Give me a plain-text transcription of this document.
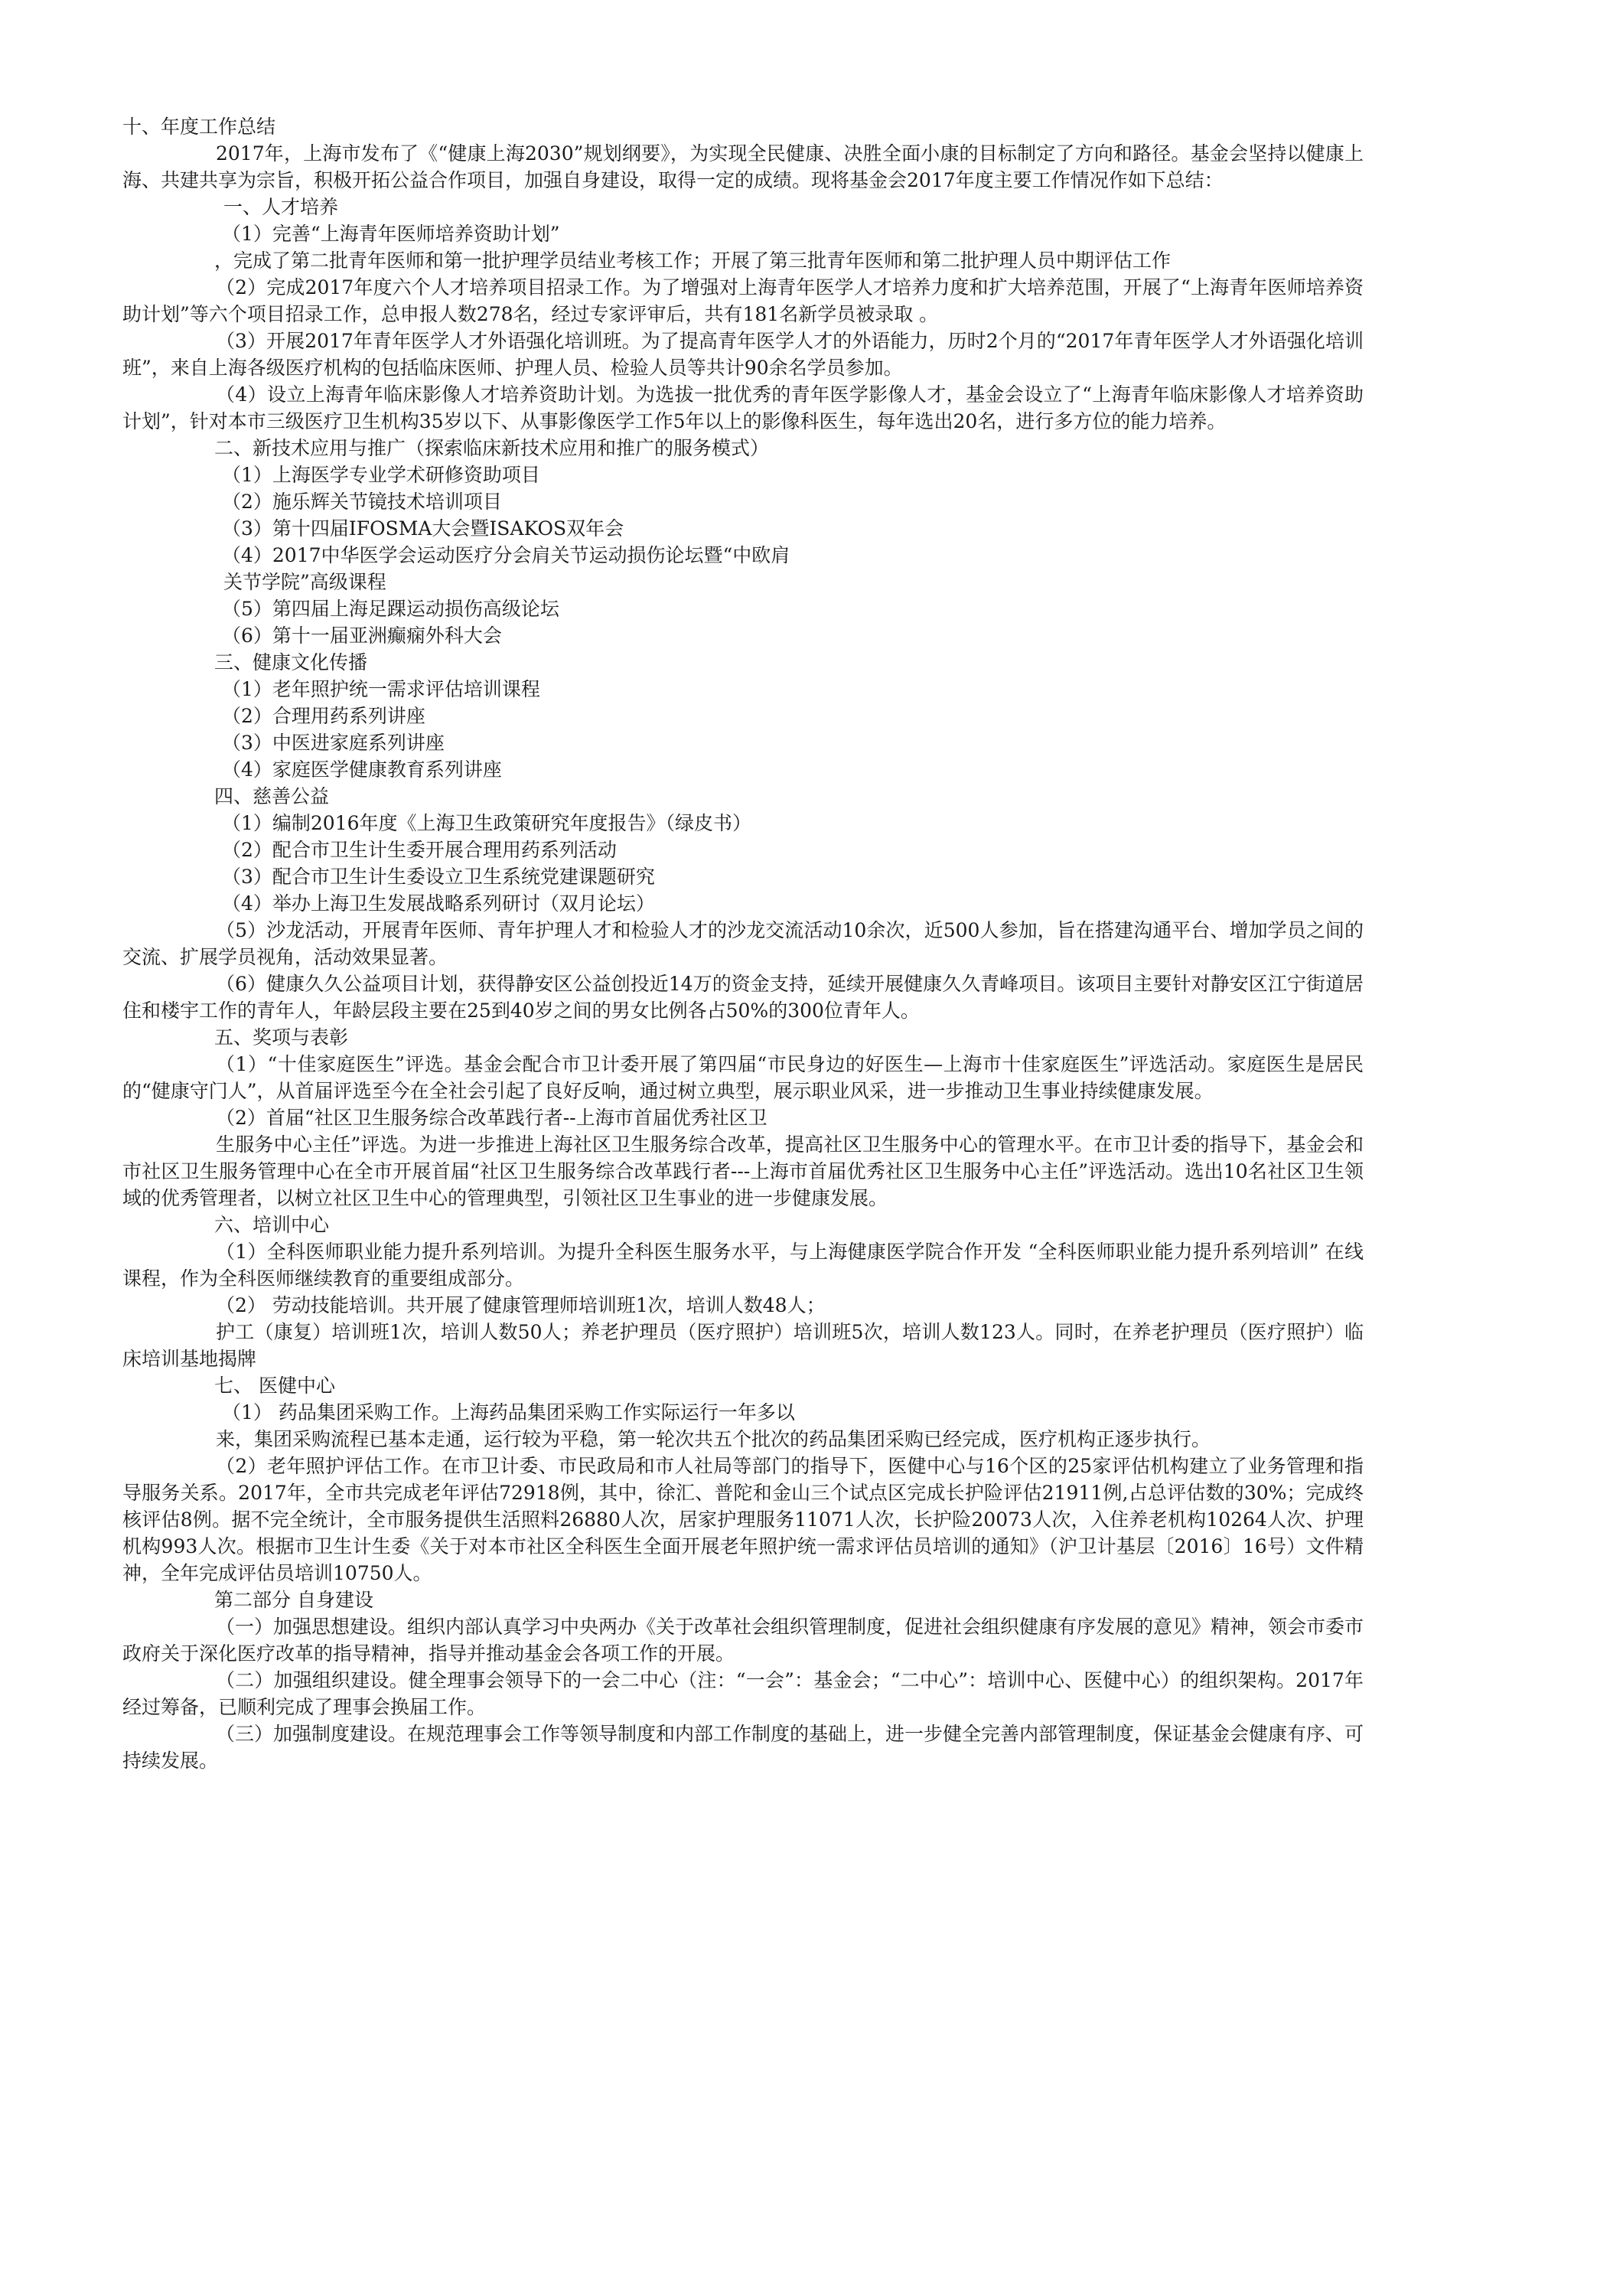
十、年度工作总结

2017年，上海市发布了《“健康上海2030”规划纲要》，为实现全民健康、决胜全面小康的目标制定了方向和路径。基金会坚持以健康上海、共建共享为宗旨，积极开拓公益合作项目，加强自身建设，取得一定的成绩。现将基金会2017年度主要工作情况作如下总结：

一、人才培养

（1）完善“上海青年医师培养资助计划”

，完成了第二批青年医师和第一批护理学员结业考核工作；开展了第三批青年医师和第二批护理人员中期评估工作

（2）完成2017年度六个人才培养项目招录工作。为了增强对上海青年医学人才培养力度和扩大培养范围，开展了“上海青年医师培养资助计划”等六个项目招录工作，总申报人数278名，经过专家评审后，共有181名新学员被录取 。

（3）开展2017年青年医学人才外语强化培训班。为了提高青年医学人才的外语能力，历时2个月的“2017年青年医学人才外语强化培训班”，来自上海各级医疗机构的包括临床医师、护理人员、检验人员等共计90余名学员参加。

（4）设立上海青年临床影像人才培养资助计划。为选拔一批优秀的青年医学影像人才，基金会设立了“上海青年临床影像人才培养资助计划”，针对本市三级医疗卫生机构35岁以下、从事影像医学工作5年以上的影像科医生，每年选出20名，进行多方位的能力培养。

二、新技术应用与推广（探索临床新技术应用和推广的服务模式）

（1）上海医学专业学术研修资助项目

（2）施乐辉关节镜技术培训项目

（3）第十四届IFOSMA大会暨ISAKOS双年会

（4）2017中华医学会运动医疗分会肩关节运动损伤论坛暨“中欧肩

关节学院”高级课程

（5）第四届上海足踝运动损伤高级论坛

（6）第十一届亚洲癫痫外科大会

三、健康文化传播

（1）老年照护统一需求评估培训课程

（2）合理用药系列讲座

（3）中医进家庭系列讲座

（4）家庭医学健康教育系列讲座

四、慈善公益

（1）编制2016年度《上海卫生政策研究年度报告》（绿皮书）

（2）配合市卫生计生委开展合理用药系列活动

（3）配合市卫生计生委设立卫生系统党建课题研究

（4）举办上海卫生发展战略系列研讨（双月论坛）

（5）沙龙活动，开展青年医师、青年护理人才和检验人才的沙龙交流活动10余次，近500人参加，旨在搭建沟通平台、增加学员之间的交流、扩展学员视角，活动效果显著。

（6）健康久久公益项目计划，获得静安区公益创投近14万的资金支持，延续开展健康久久青峰项目。该项目主要针对静安区江宁街道居住和楼宇工作的青年人，年龄层段主要在25到40岁之间的男女比例各占50%的300位青年人。

五、奖项与表彰

（1）“十佳家庭医生”评选。基金会配合市卫计委开展了第四届“市民身边的好医生—上海市十佳家庭医生”评选活动。家庭医生是居民的“健康守门人”，从首届评选至今在全社会引起了良好反响，通过树立典型，展示职业风采，进一步推动卫生事业持续健康发展。

（2）首届“社区卫生服务综合改革践行者--上海市首届优秀社区卫

生服务中心主任”评选。为进一步推进上海社区卫生服务综合改革，提高社区卫生服务中心的管理水平。在市卫计委的指导下，基金会和市社区卫生服务管理中心在全市开展首届“社区卫生服务综合改革践行者---上海市首届优秀社区卫生服务中心主任”评选活动。选出10名社区卫生领域的优秀管理者，以树立社区卫生中心的管理典型，引领社区卫生事业的进一步健康发展。

六、培训中心

（1）全科医师职业能力提升系列培训。为提升全科医生服务水平，与上海健康医学院合作开发 “全科医师职业能力提升系列培训” 在线课程，作为全科医师继续教育的重要组成部分。

（2） 劳动技能培训。共开展了健康管理师培训班1次，培训人数48人；

护工（康复）培训班1次，培训人数50人；养老护理员（医疗照护）培训班5次，培训人数123人。同时，在养老护理员（医疗照护）临床培训基地揭牌

七、 医健中心

（1） 药品集团采购工作。上海药品集团采购工作实际运行一年多以

来，集团采购流程已基本走通，运行较为平稳，第一轮次共五个批次的药品集团采购已经完成，医疗机构正逐步执行。

（2）老年照护评估工作。在市卫计委、市民政局和市人社局等部门的指导下，医健中心与16个区的25家评估机构建立了业务管理和指导服务关系。2017年，全市共完成老年评估72918例，其中，徐汇、普陀和金山三个试点区完成长护险评估21911例,占总评估数的30%；完成终核评估8例。据不完全统计，全市服务提供生活照料26880人次，居家护理服务11071人次，长护险20073人次，入住养老机构10264人次、护理机构993人次。根据市卫生计生委《关于对本市社区全科医生全面开展老年照护统一需求评估员培训的通知》（沪卫计基层〔2016〕16号）文件精神，全年完成评估员培训10750人。

第二部分 自身建设

（一）加强思想建设。组织内部认真学习中央两办《关于改革社会组织管理制度，促进社会组织健康有序发展的意见》精神，领会市委市政府关于深化医疗改革的指导精神，指导并推动基金会各项工作的开展。

（二）加强组织建设。健全理事会领导下的一会二中心（注：“一会”：基金会；“二中心”：培训中心、医健中心）的组织架构。2017年经过筹备，已顺利完成了理事会换届工作。

（三）加强制度建设。在规范理事会工作等领导制度和内部工作制度的基础上，进一步健全完善内部管理制度，保证基金会健康有序、可持续发展。
